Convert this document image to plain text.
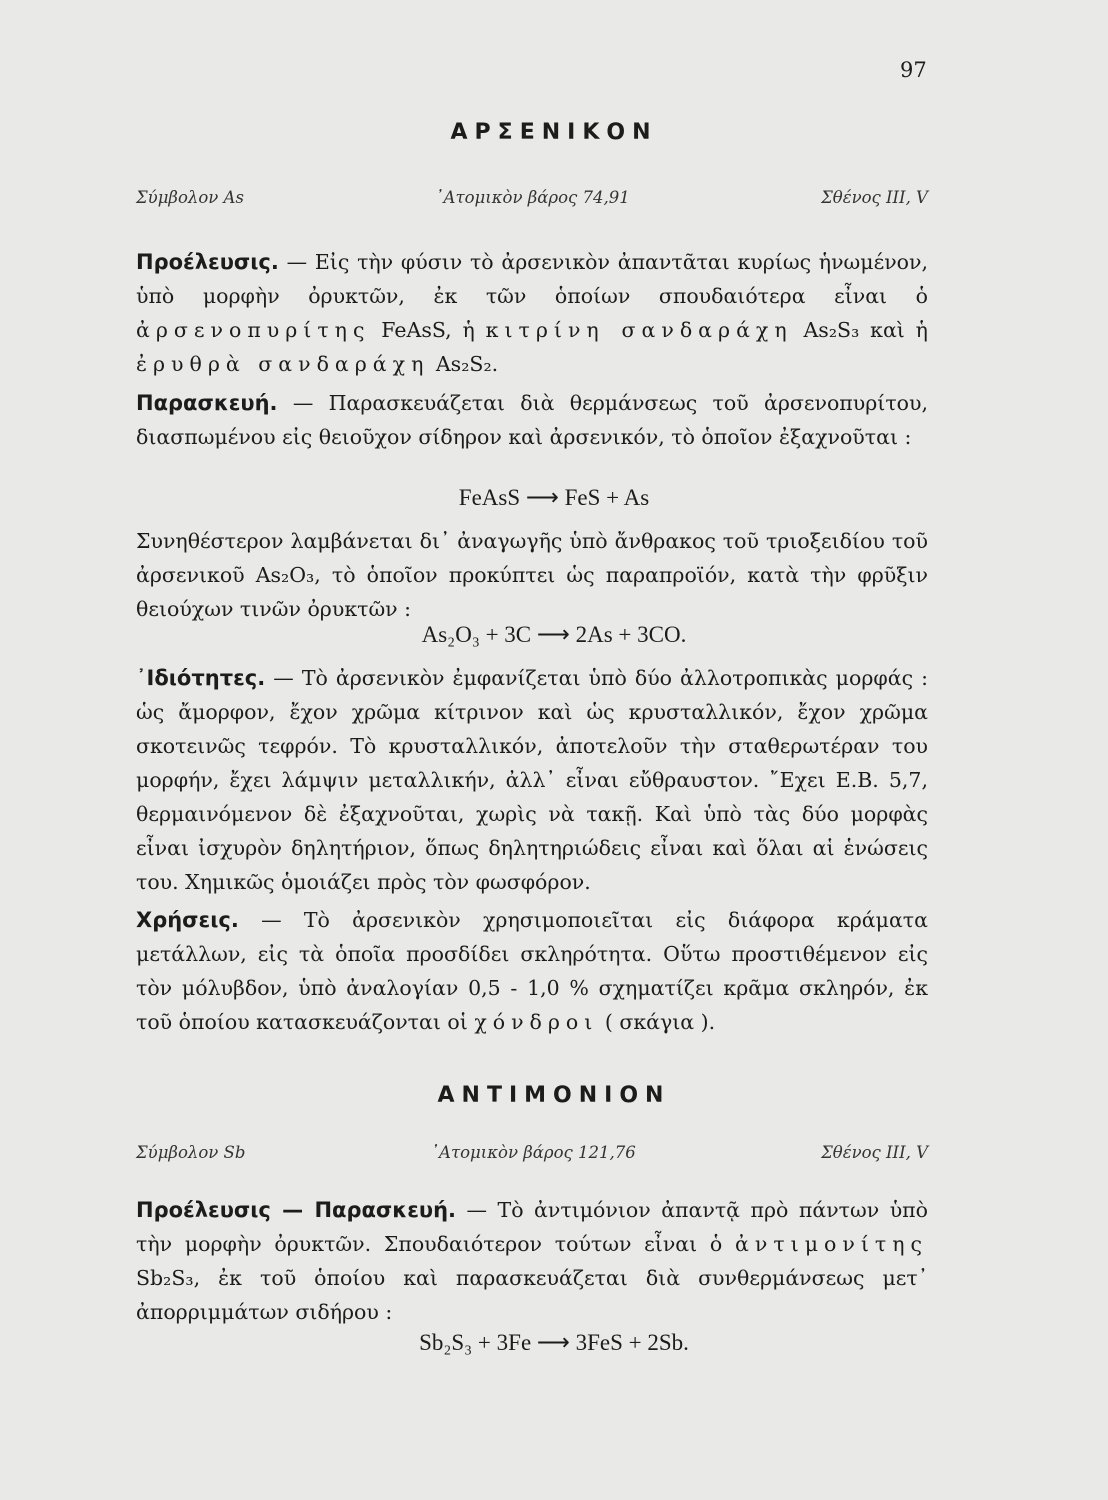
97
ΑΡΣΕΝΙΚΟΝ
Σύμβολον As	᾿Ατομικὸν βάρος 74,91	Σθένος III, V

Προέλευσις. — Εἰς τὴν φύσιν τὸ ἀρσενικὸν ἀπαντᾶται κυρίως ἡνωμένον, ὑπὸ μορφὴν ὀρυκτῶν, ἐκ τῶν ὁποίων σπουδαιότερα εἶναι ὁ ἀρσενοπυρίτης FeAsS, ἡ κιτρίνη σανδαράχη As₂S₃ καὶ ἡ ἐρυθρὰ σανδαράχη As₂S₂.

Παρασκευή. — Παρασκευάζεται διὰ θερμάνσεως τοῦ ἀρσενοπυρίτου, διασπωμένου εἰς θειοῦχον σίδηρον καὶ ἀρσενικόν, τὸ ὁποῖον ἐξαχνοῦται :

FeAsS ⟶ FeS + As

Συνηθέστερον λαμβάνεται δι᾿ ἀναγωγῆς ὑπὸ ἄνθρακος τοῦ τριοξειδίου τοῦ ἀρσενικοῦ As₂O₃, τὸ ὁποῖον προκύπτει ὡς παραπροϊόν, κατὰ τὴν φρῦξιν θειούχων τινῶν ὀρυκτῶν :

As₂O₃ + 3C ⟶ 2As + 3CO.

᾿Ιδιότητες. — Τὸ ἀρσενικὸν ἐμφανίζεται ὑπὸ δύο ἀλλοτροπικὰς μορφάς : ὡς ἄμορφον, ἔχον χρῶμα κίτρινον καὶ ὡς κρυσταλλικόν, ἔχον χρῶμα σκοτεινῶς τεφρόν. Τὸ κρυσταλλικόν, ἀποτελοῦν τὴν σταθερωτέραν του μορφήν, ἔχει λάμψιν μεταλλικήν, ἀλλ᾿ εἶναι εὔθραυστον. ῎Εχει Ε.Β. 5,7, θερμαινόμενον δὲ ἐξαχνοῦται, χωρὶς νὰ τακῇ. Καὶ ὑπὸ τὰς δύο μορφὰς εἶναι ἰσχυρὸν δηλητήριον, ὅπως δηλητηριώδεις εἶναι καὶ ὅλαι αἱ ἑνώσεις του. Χημικῶς ὁμοιάζει πρὸς τὸν φωσφόρον.

Χρήσεις. — Τὸ ἀρσενικὸν χρησιμοποιεῖται εἰς διάφορα κράματα μετάλλων, εἰς τὰ ὁποῖα προσδίδει σκληρότητα. Οὕτω προστιθέμενον εἰς τὸν μόλυβδον, ὑπὸ ἀναλογίαν 0,5 - 1,0 % σχηματίζει κρᾶμα σκληρόν, ἐκ τοῦ ὁποίου κατασκευάζονται οἱ χόνδροι ( σκάγια ).

ΑΝΤΙΜΟΝΙΟΝ
Σύμβολον Sb	᾿Ατομικὸν βάρος 121,76	Σθένος III, V

Προέλευσις — Παρασκευή. — Τὸ ἀντιμόνιον ἀπαντᾷ πρὸ πάντων ὑπὸ τὴν μορφὴν ὀρυκτῶν. Σπουδαιότερον τούτων εἶναι ὁ ἀντιμονίτης Sb₂S₃, ἐκ τοῦ ὁποίου καὶ παρασκευάζεται διὰ συνθερμάνσεως μετ᾿ ἀπορριμμάτων σιδήρου :

Sb₂S₃ + 3Fe ⟶ 3FeS + 2Sb.
